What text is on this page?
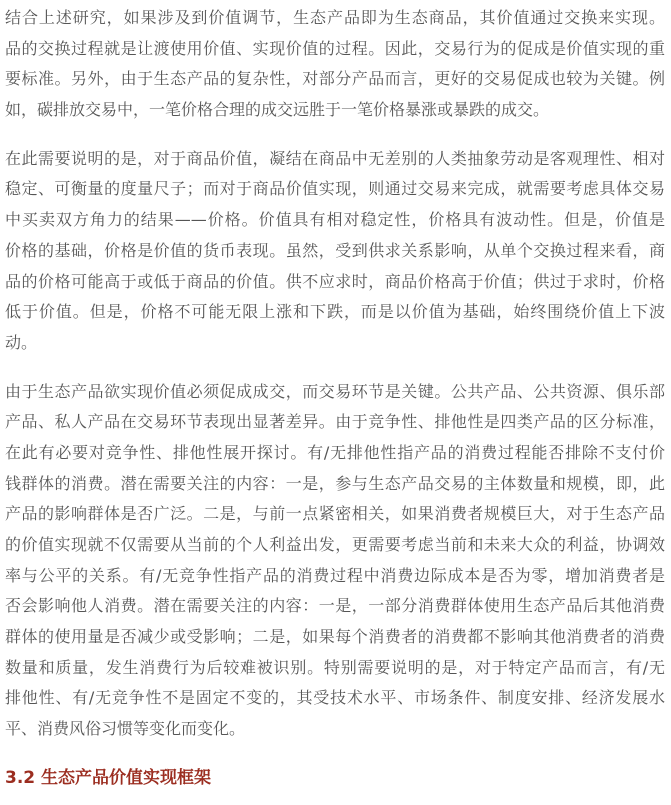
结合上述研究，如果涉及到价值调节，生态产品即为生态商品，其价值通过交换来实现。
品的交换过程就是让渡使用价值、实现价值的过程。因此，交易行为的促成是价值实现的重
要标准。另外，由于生态产品的复杂性，对部分产品而言，更好的交易促成也较为关键。例
如，碳排放交易中，一笔价格合理的成交远胜于一笔价格暴涨或暴跌的成交。
在此需要说明的是，对于商品价值，凝结在商品中无差别的人类抽象劳动是客观理性、相对
稳定、可衡量的度量尺子；而对于商品价值实现，则通过交易来完成，就需要考虑具体交易
中买卖双方角力的结果——价格。价值具有相对稳定性，价格具有波动性。但是，价值是
价格的基础，价格是价值的货币表现。虽然，受到供求关系影响，从单个交换过程来看，商
品的价格可能高于或低于商品的价值。供不应求时，商品价格高于价值；供过于求时，价格
低于价值。但是，价格不可能无限上涨和下跌，而是以价值为基础，始终围绕价值上下波
动。
由于生态产品欲实现价值必须促成成交，而交易环节是关键。公共产品、公共资源、俱乐部
产品、私人产品在交易环节表现出显著差异。由于竞争性、排他性是四类产品的区分标准，
在此有必要对竞争性、排他性展开探讨。有/无排他性指产品的消费过程能否排除不支付价
钱群体的消费。潜在需要关注的内容：一是，参与生态产品交易的主体数量和规模，即，此
产品的影响群体是否广泛。二是，与前一点紧密相关，如果消费者规模巨大，对于生态产品
的价值实现就不仅需要从当前的个人利益出发，更需要考虑当前和未来大众的利益，协调效
率与公平的关系。有/无竞争性指产品的消费过程中消费边际成本是否为零，增加消费者是
否会影响他人消费。潜在需要关注的内容：一是，一部分消费群体使用生态产品后其他消费
群体的使用量是否减少或受影响；二是，如果每个消费者的消费都不影响其他消费者的消费
数量和质量，发生消费行为后较难被识别。特别需要说明的是，对于特定产品而言，有/无
排他性、有/无竞争性不是固定不变的，其受技术水平、市场条件、制度安排、经济发展水
平、消费风俗习惯等变化而变化。
3.2 生态产品价值实现框架
